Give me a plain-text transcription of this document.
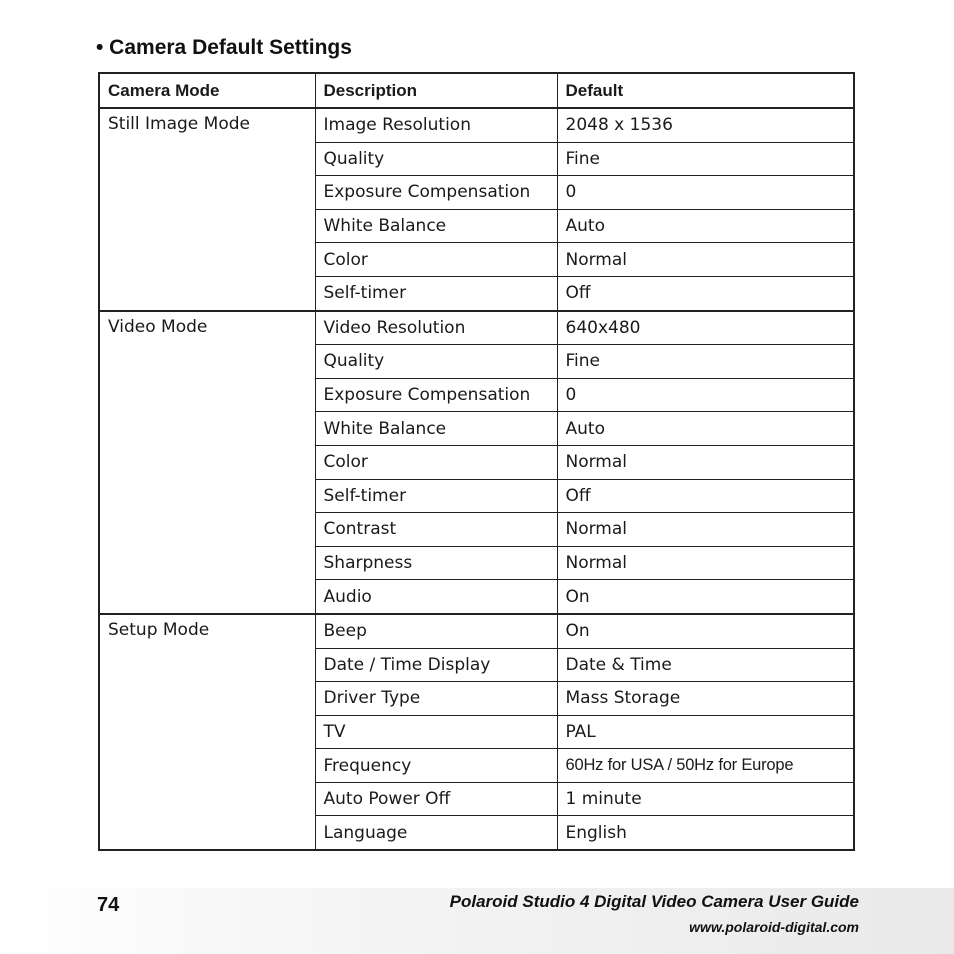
• Camera Default Settings
Camera Mode	Description	Default
Still Image Mode	Image Resolution	2048 x 1536
	Quality	Fine
	Exposure Compensation	0
	White Balance	Auto
	Color	Normal
	Self-timer	Off
Video Mode	Video Resolution	640x480
	Quality	Fine
	Exposure Compensation	0
	White Balance	Auto
	Color	Normal
	Self-timer	Off
	Contrast	Normal
	Sharpness	Normal
	Audio	On
Setup Mode	Beep	On
	Date / Time Display	Date & Time
	Driver Type	Mass Storage
	TV	PAL
	Frequency	60Hz for USA / 50Hz for Europe
	Auto Power Off	1 minute
	Language	English
74	Polaroid Studio 4 Digital Video Camera User Guide
www.polaroid-digital.com
